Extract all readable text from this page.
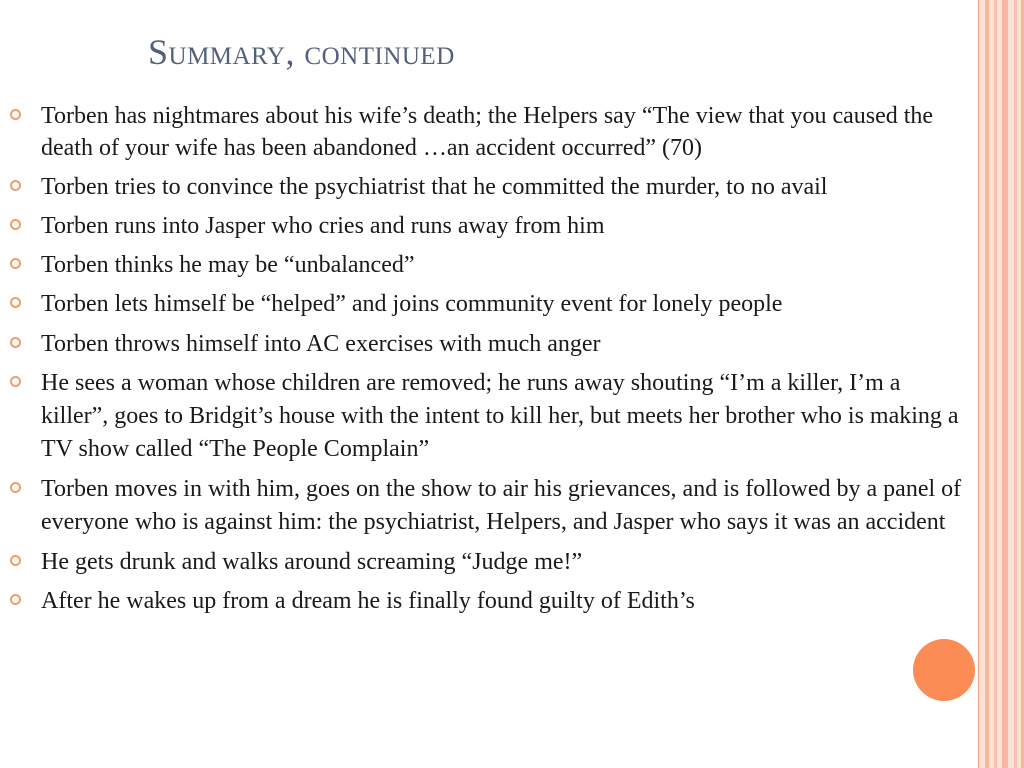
Summary, continued
Torben has nightmares about his wife’s death; the Helpers say “The view that you caused the death of your wife has been abandoned …an accident occurred” (70)
Torben tries to convince the psychiatrist that he committed the murder, to no avail
Torben runs into Jasper who cries and runs away from him
Torben thinks he may be “unbalanced”
Torben lets himself be “helped” and joins community event for lonely people
Torben throws himself into AC exercises with much anger
He sees a woman whose children are removed; he runs away shouting “I’m a killer, I’m a killer”, goes to Bridgit’s house with the intent to kill her, but meets her brother who is making a TV show called “The People Complain”
Torben moves in with him, goes on the show to air his grievances, and is followed by a panel of everyone who is against him: the psychiatrist, Helpers, and Jasper who says it was an accident
He gets drunk and walks around screaming “Judge me!”
After he wakes up from a dream he is finally found guilty of Edith’s
